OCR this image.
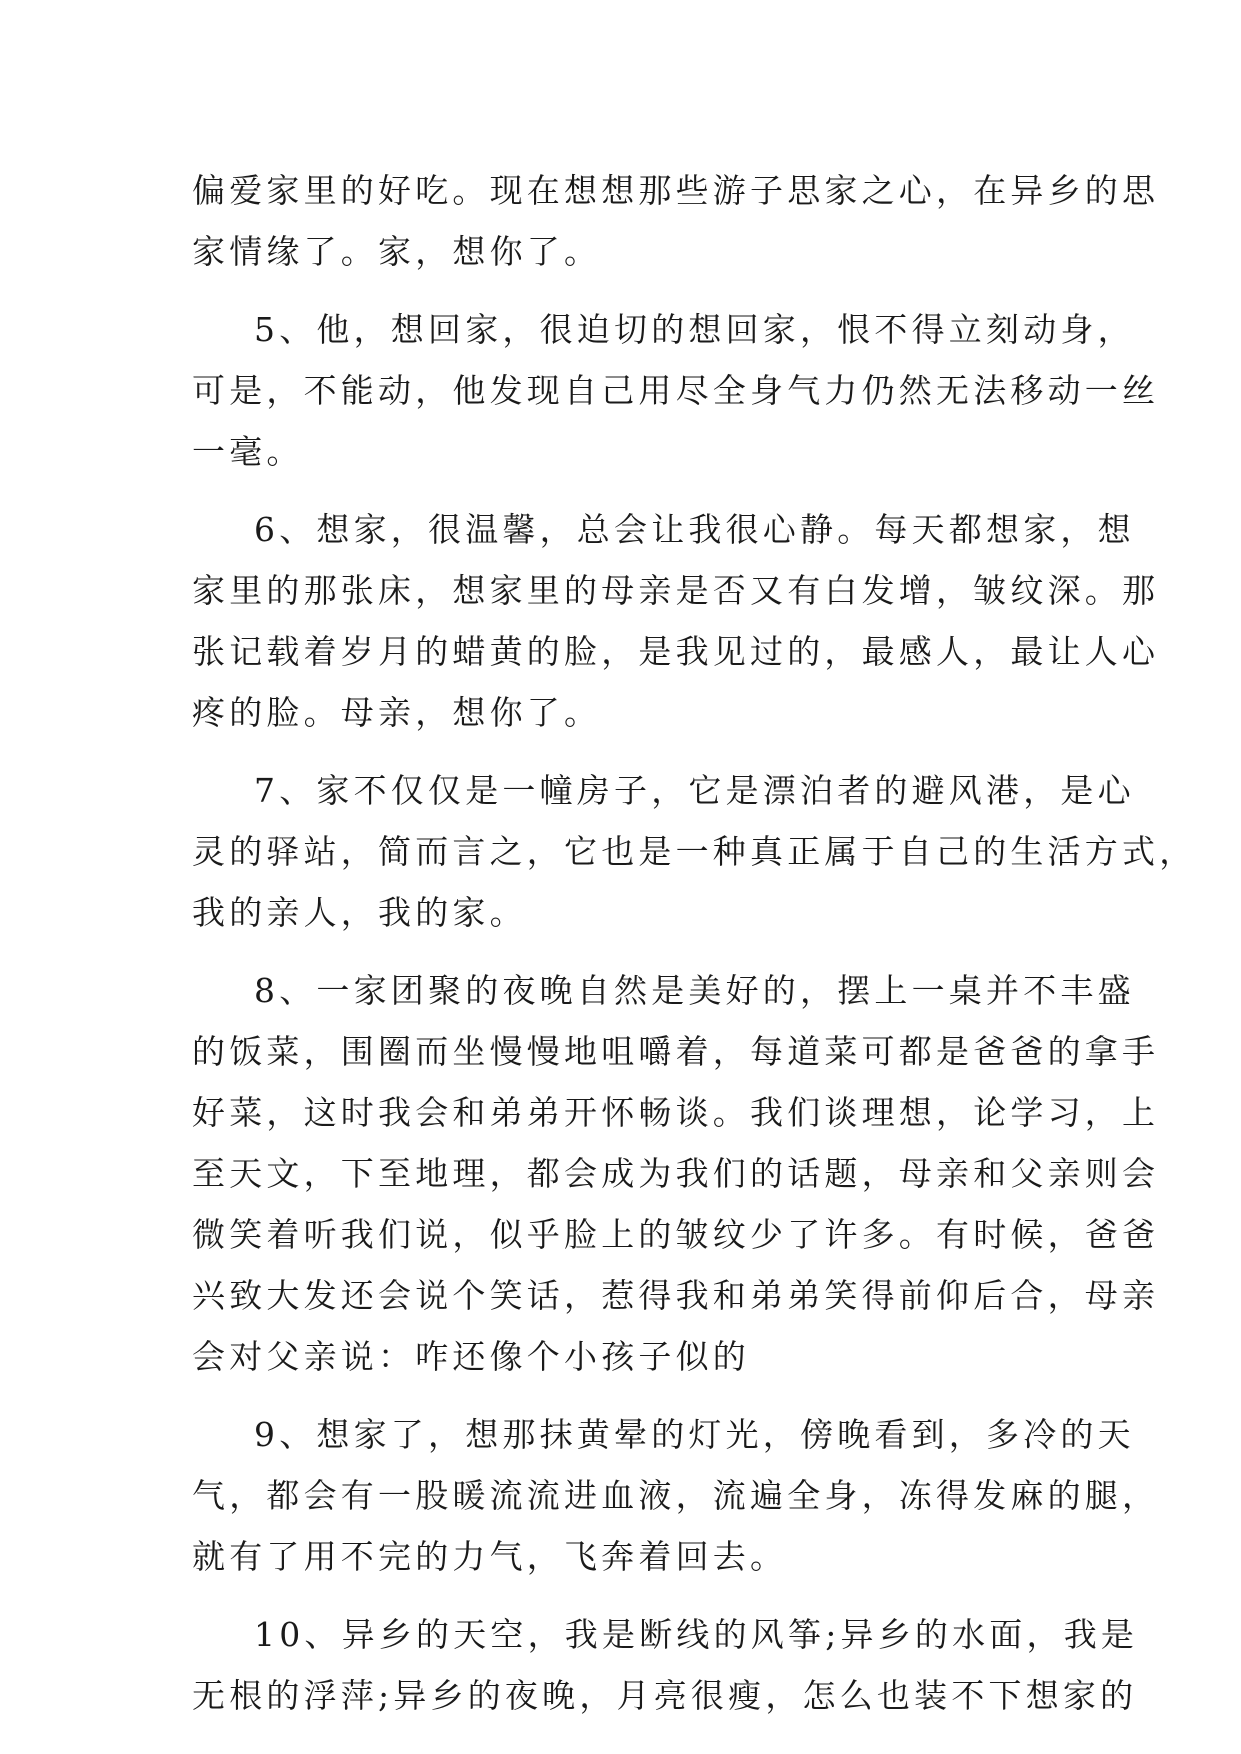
偏爱家里的好吃。现在想想那些游子思家之心，在异乡的思
家情缘了。家，想你了。
5、他，想回家，很迫切的想回家，恨不得立刻动身，
可是，不能动，他发现自己用尽全身气力仍然无法移动一丝
一毫。
6、想家，很温馨，总会让我很心静。每天都想家，想
家里的那张床，想家里的母亲是否又有白发增，皱纹深。那
张记载着岁月的蜡黄的脸，是我见过的，最感人，最让人心
疼的脸。母亲，想你了。
7、家不仅仅是一幢房子，它是漂泊者的避风港，是心
灵的驿站，简而言之，它也是一种真正属于自己的生活方式，
我的亲人，我的家。
8、一家团聚的夜晚自然是美好的，摆上一桌并不丰盛
的饭菜，围圈而坐慢慢地咀嚼着，每道菜可都是爸爸的拿手
好菜，这时我会和弟弟开怀畅谈。我们谈理想，论学习，上
至天文，下至地理，都会成为我们的话题，母亲和父亲则会
微笑着听我们说，似乎脸上的皱纹少了许多。有时候，爸爸
兴致大发还会说个笑话，惹得我和弟弟笑得前仰后合，母亲
会对父亲说：咋还像个小孩子似的
9、想家了，想那抹黄晕的灯光，傍晚看到，多冷的天
气，都会有一股暖流流进血液，流遍全身，冻得发麻的腿，
就有了用不完的力气，飞奔着回去。
10、异乡的天空，我是断线的风筝;异乡的水面，我是
无根的浮萍;异乡的夜晚，月亮很瘦，怎么也装不下想家的
